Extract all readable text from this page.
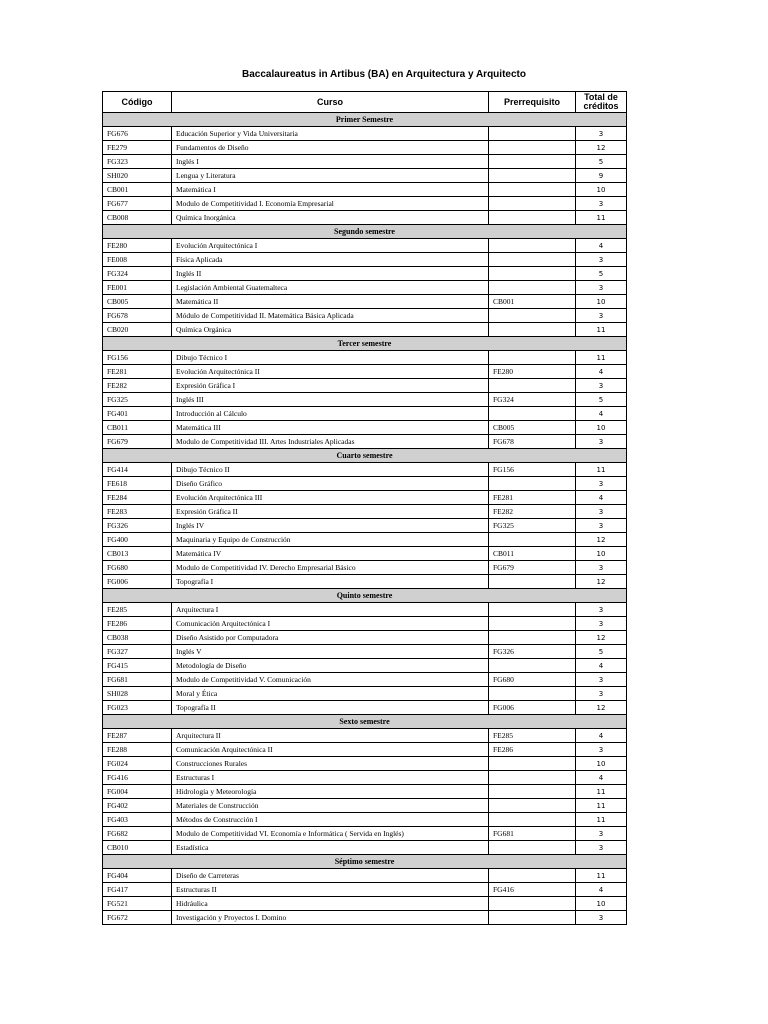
Baccalaureatus in Artibus (BA) en Arquitectura y Arquitecto
Código	Curso	Prerrequisito	Total de
créditos

Primer Semestre			
FG676	Educación Superior y Vida Universitaria		3
FE279	Fundamentos de Diseño		12
FG323	Inglés I		5
SH020	Lengua y Literatura		9
CB001	Matemática I		10
FG677	Modulo de Competitividad I. Economía Empresarial		3
CB008	Química Inorgánica		11
Segundo semestre			
FE280	Evolución Arquitectónica I		4
FE008	Física Aplicada		3
FG324	Inglés II		5
FE001	Legislación Ambiental Guatemalteca		3
CB005	Matemática II	CB001	10
FG678	Módulo de Competitividad II. Matemática Básica Aplicada		3
CB020	Química Orgánica		11
Tercer semestre			
FG156	Dibujo Técnico I		11
FE281	Evolución Arquitectónica II	FE280	4
FE282	Expresión Gráfica I		3
FG325	Inglés III	FG324	5
FG401	Introducción al Cálculo		4
CB011	Matemática III	CB005	10
FG679	Modulo de Competitividad III. Artes Industriales Aplicadas	FG678	3
Cuarto semestre			
FG414	Dibujo Técnico II	FG156	11
FE618	Diseño Gráfico		3
FE284	Evolución Arquitectónica III	FE281	4
FE283	Expresión Gráfica II	FE282	3
FG326	Inglés IV	FG325	3
FG400	Maquinaria y Equipo de Construcción		12
CB013	Matemática IV	CB011	10
FG680	Modulo de Competitividad IV. Derecho Empresarial Básico	FG679	3
FG006	Topografía I		12
Quinto semestre			
FE285	Arquitectura I		3
FE286	Comunicación Arquitectónica I		3
CB038	Diseño Asistido por Computadora		12
FG327	Inglés V	FG326	5
FG415	Metodología de Diseño		4
FG681	Modulo de Competitividad V. Comunicación	FG680	3
SH028	Moral y Ética		3
FG023	Topografía II	FG006	12
Sexto semestre			
FE287	Arquitectura II	FE285	4
FE288	Comunicación Arquitectónica II	FE286	3
FG024	Construcciones Rurales		10
FG416	Estructuras I		4
FG004	Hidrología y Meteorología		11
FG402	Materiales de Construcción		11
FG403	Métodos de Construcción I		11
FG682	Modulo de Competitividad VI. Economía e Informática ( Servida en Inglés)	FG681	3
CB010	Estadística		3
Séptimo semestre			
FG404	Diseño de Carreteras		11
FG417	Estructuras II	FG416	4
FG521	Hidráulica		10
FG672	Investigación y Proyectos I. Domino		3
